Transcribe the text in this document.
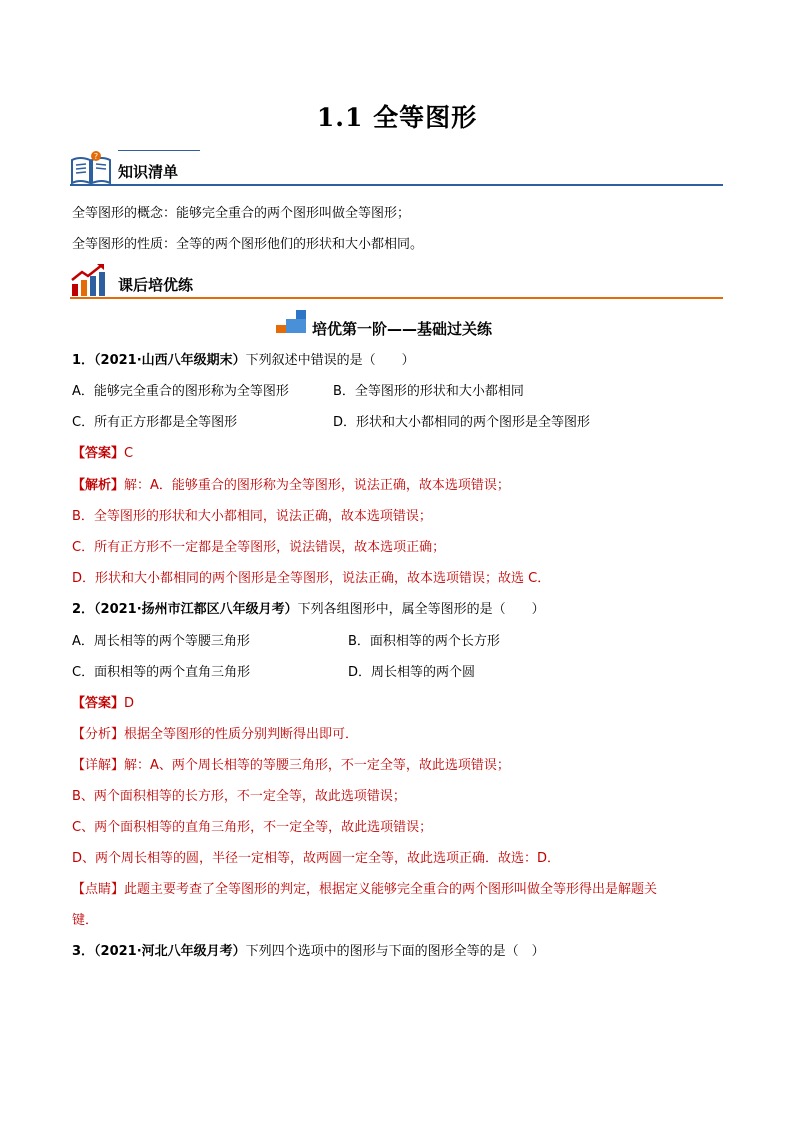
1.1 全等图形
?
知识清单
全等图形的概念：能够完全重合的两个图形叫做全等图形；
全等图形的性质：全等的两个图形他们的形状和大小都相同。
课后培优练
培优第一阶——基础过关练
1．（2021·山西八年级期末）下列叙述中错误的是（　　）
A．能够完全重合的图形称为全等图形	B．全等图形的形状和大小都相同
C．所有正方形都是全等图形	D．形状和大小都相同的两个图形是全等图形
【答案】C
【解析】解：A．能够重合的图形称为全等图形，说法正确，故本选项错误；
B．全等图形的形状和大小都相同，说法正确，故本选项错误；
C．所有正方形不一定都是全等图形，说法错误，故本选项正确；
D．形状和大小都相同的两个图形是全等图形，说法正确，故本选项错误；故选 C．
2．（2021·扬州市江都区八年级月考）下列各组图形中，属全等图形的是（　　）
A．周长相等的两个等腰三角形	B．面积相等的两个长方形
C．面积相等的两个直角三角形	D．周长相等的两个圆
【答案】D
【分析】根据全等图形的性质分别判断得出即可．
【详解】解：A、两个周长相等的等腰三角形，不一定全等，故此选项错误；
B、两个面积相等的长方形，不一定全等，故此选项错误；
C、两个面积相等的直角三角形，不一定全等，故此选项错误；
D、两个周长相等的圆，半径一定相等，故两圆一定全等，故此选项正确．故选：D．
【点睛】此题主要考查了全等图形的判定，根据定义能够完全重合的两个图形叫做全等形得出是解题关
键．
3．（2021·河北八年级月考）下列四个选项中的图形与下面的图形全等的是（　）
